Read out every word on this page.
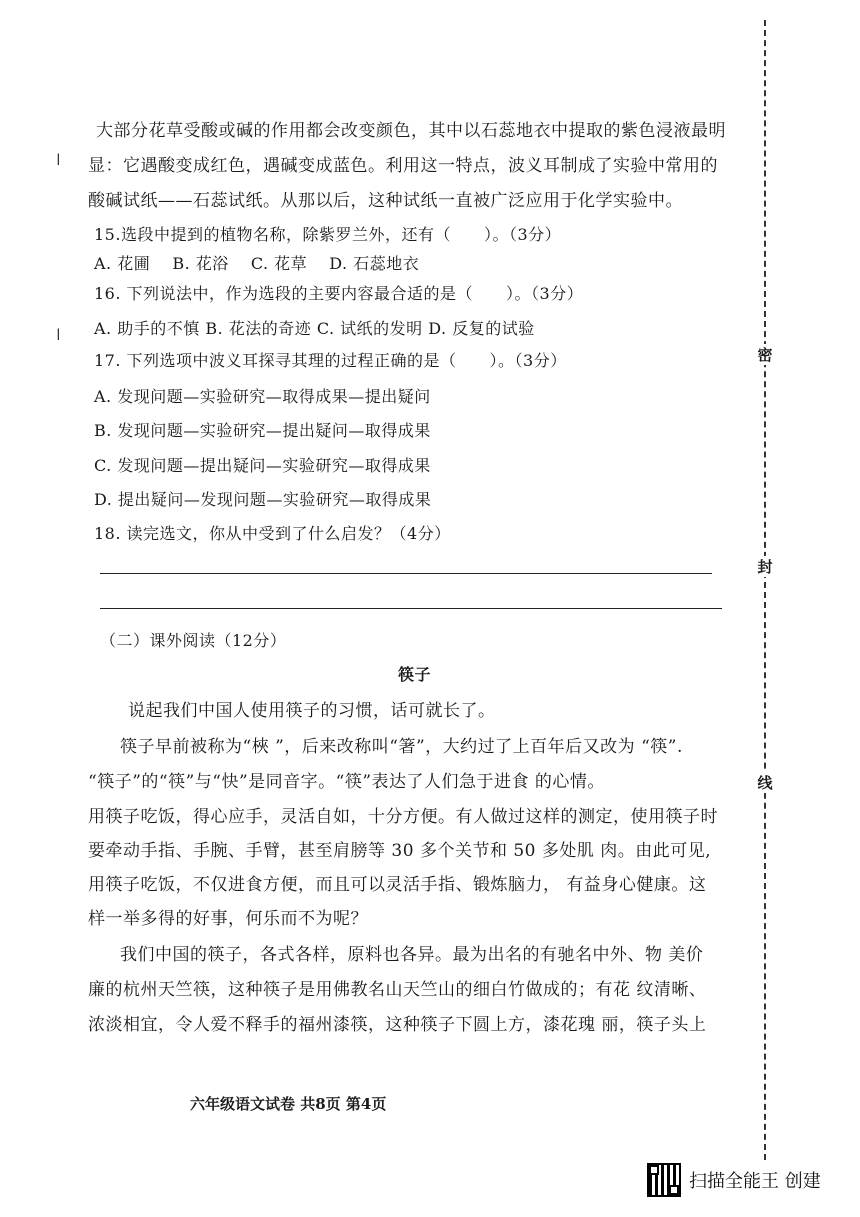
ǀ
ǀ
大部分花草受酸或碱的作用都会改变颜色，其中以石蕊地衣中提取的紫色浸液最明
显：它遇酸变成红色，遇碱变成蓝色。利用这一特点，波义耳制成了实验中常用的
酸碱试纸——石蕊试纸。从那以后，这种试纸一直被广泛应用于化学实验中。
15.选段中提到的植物名称，除紫罗兰外，还有（　　）。（3分）
A. 花圃　 B. 花浴　 C. 花草　 D. 石蕊地衣
16. 下列说法中，作为选段的主要内容最合适的是（　　）。（3分）
A. 助手的不慎 B. 花法的奇迹 C. 试纸的发明 D. 反复的试验
17. 下列选项中波义耳探寻其理的过程正确的是（　　）。（3分）
A. 发现问题—实验研究—取得成果—提出疑问
B. 发现问题—实验研究—提出疑问—取得成果
C. 发现问题—提出疑问—实验研究—取得成果
D. 提出疑问—发现问题—实验研究—取得成果
18. 读完选文，你从中受到了什么启发？（4分）
（二）课外阅读（12分）
筷子
说起我们中国人使用筷子的习惯，话可就长了。
筷子早前被称为“梜 ”，后来改称叫“箸”，大约过了上百年后又改为 “筷”.
“筷子”的“筷”与“快”是同音字。“筷”表达了人们急于进食 的心情。
用筷子吃饭，得心应手，灵活自如，十分方便。有人做过这样的测定，使用筷子时
要牵动手指、手腕、手臂，甚至肩膀等 30 多个关节和 50 多处肌 肉。由此可见,
用筷子吃饭，不仅进食方便，而且可以灵活手指、锻炼脑力， 有益身心健康。这
样一举多得的好事，何乐而不为呢？
我们中国的筷子，各式各样，原料也各异。最为出名的有驰名中外、物 美价
廉的杭州天竺筷，这种筷子是用佛教名山天竺山的细白竹做成的；有花 纹清晰、
浓淡相宜，令人爱不释手的福州漆筷，这种筷子下圆上方，漆花瑰 丽，筷子头上
密
封
线
六年级语文试卷 共8页 第4页
扫描全能王 创建
